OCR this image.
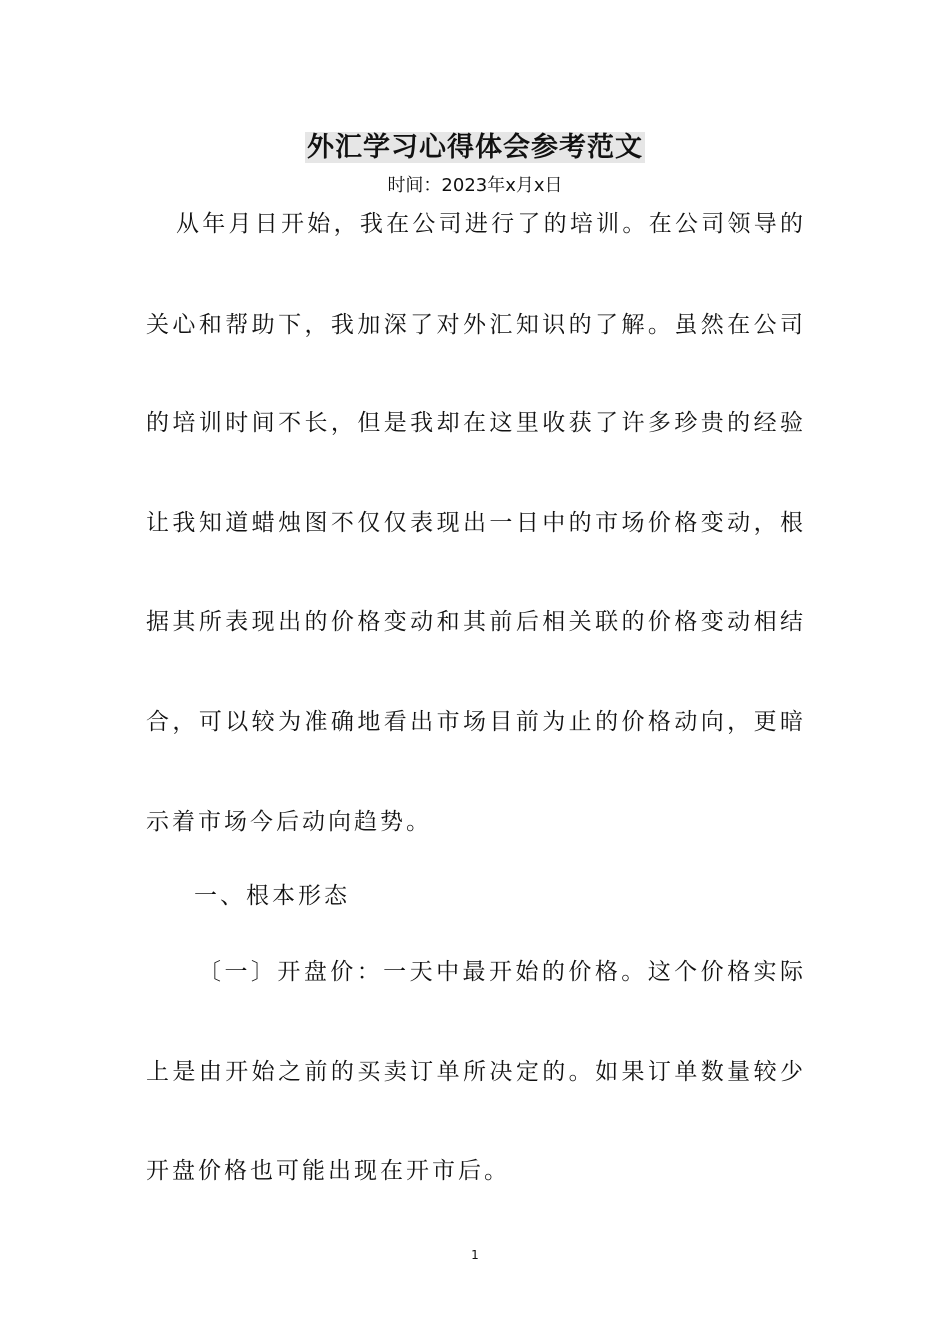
外汇学习心得体会参考范文
时间：2023年x月x日
从年月日开始，我在公司进行了的培训。在公司领导的
关心和帮助下，我加深了对外汇知识的了解。虽然在公司
的培训时间不长，但是我却在这里收获了许多珍贵的经验
让我知道蜡烛图不仅仅表现出一日中的市场价格变动，根
据其所表现出的价格变动和其前后相关联的价格变动相结
合，可以较为准确地看出市场目前为止的价格动向，更暗
示着市场今后动向趋势。
一、根本形态
〔一〕开盘价：一天中最开始的价格。这个价格实际
上是由开始之前的买卖订单所决定的。如果订单数量较少
开盘价格也可能出现在开市后。
1
